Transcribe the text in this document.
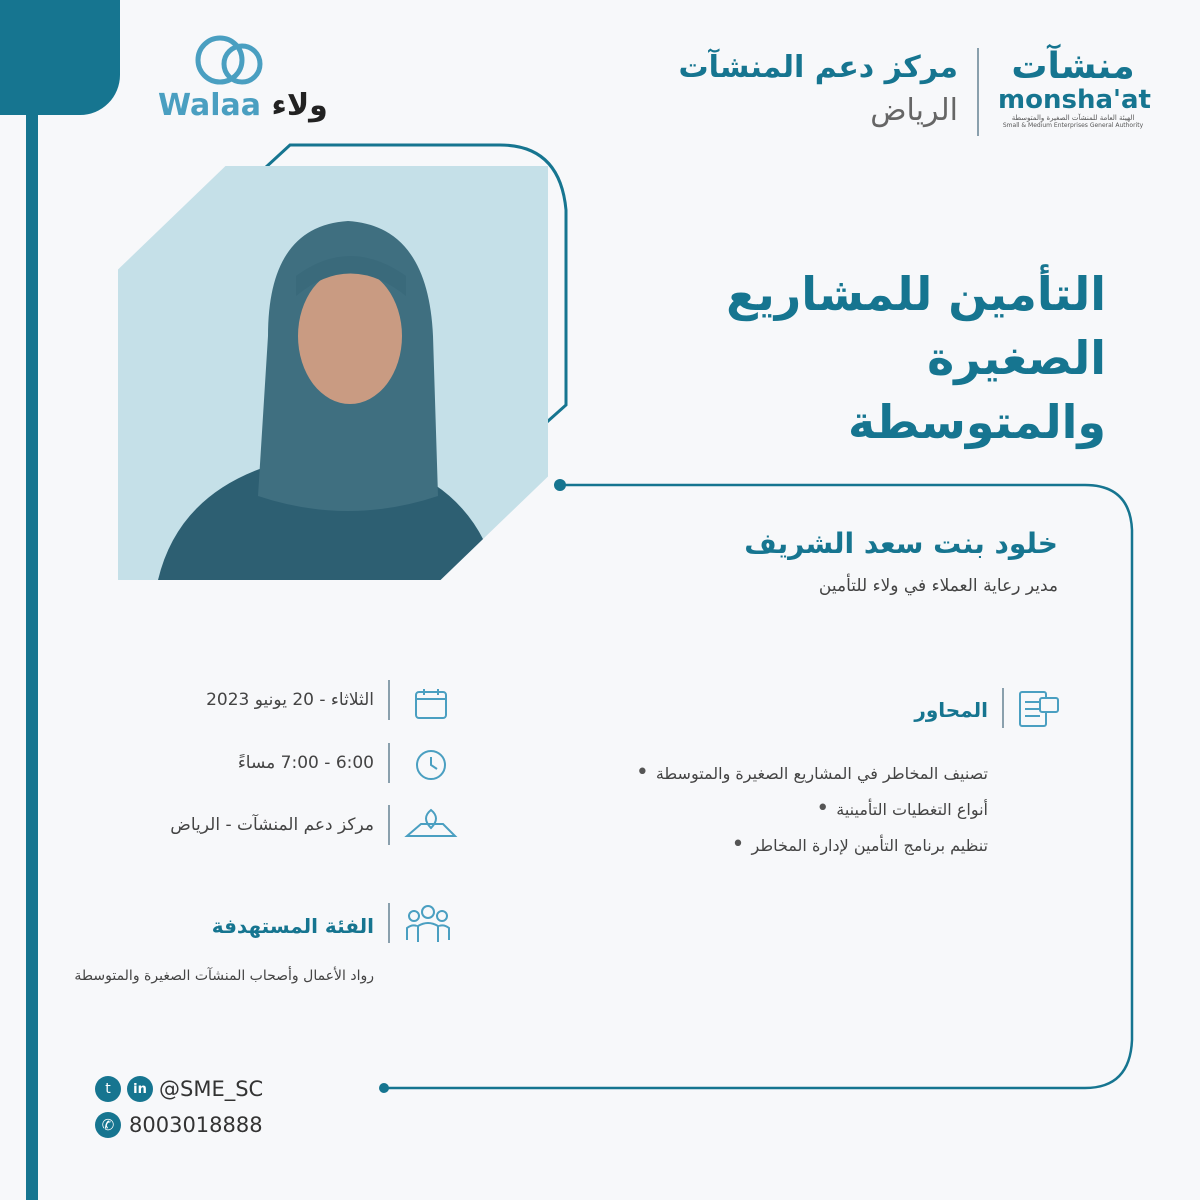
Walaa ولاء
مركز دعم المنشآت
الرياض
منشآت
monsha'at
الهيئة العامة للمنشآت الصغيرة والمتوسطة
Small & Medium Enterprises General Authority
التأمين للمشاريع الصغيرة
والمتوسطة
خلود بنت سعد الشريف
مدير رعاية العملاء في ولاء للتأمين
الثلاثاء - 20 يونيو 2023
6:00 - 7:00 مساءً
مركز دعم المنشآت - الرياض
المحاور
تصنيف المخاطر في المشاريع الصغيرة والمتوسطة •
أنواع التغطيات التأمينية •
تنظيم برنامج التأمين لإدارة المخاطر •
الفئة المستهدفة
رواد الأعمال وأصحاب المنشآت الصغيرة والمتوسطة
t	in @SME_SC
✆ 8003018888
